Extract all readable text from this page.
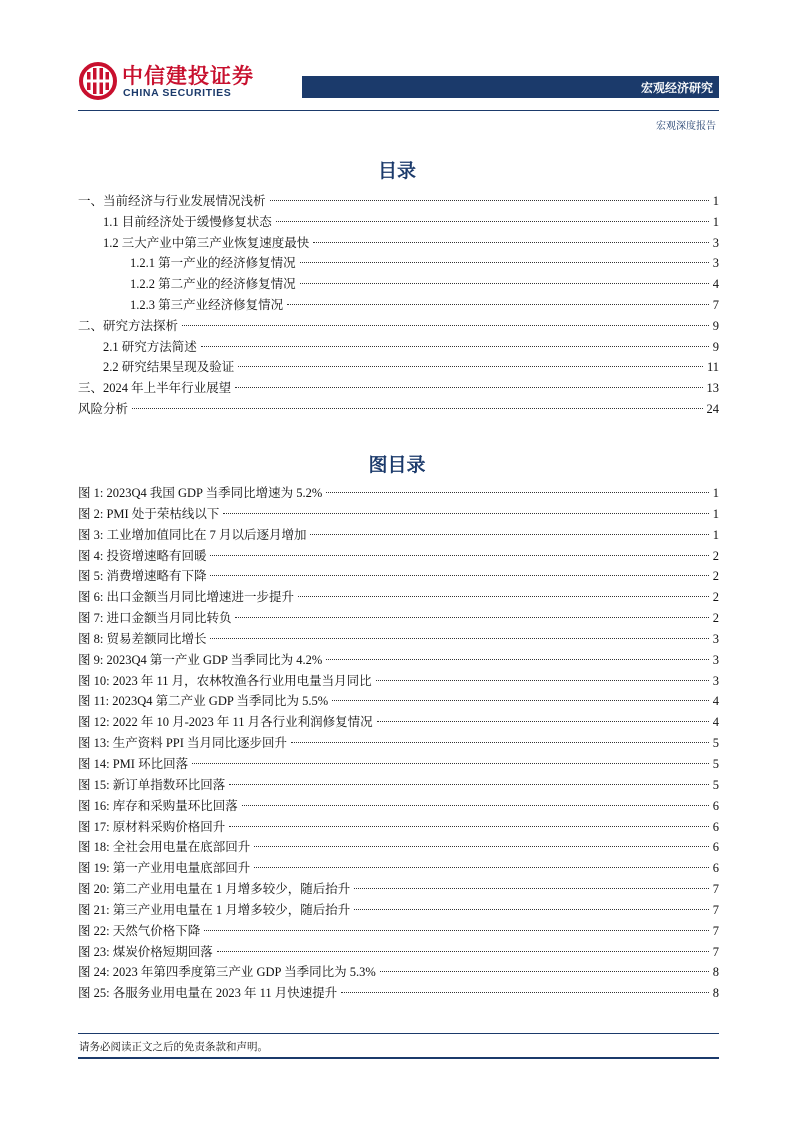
中信建投证券
CHINA SECURITIES	宏观经济研究
宏观深度报告
目录
一、当前经济与行业发展情况浅析	1
1.1 目前经济处于缓慢修复状态	1
1.2 三大产业中第三产业恢复速度最快	3
1.2.1 第一产业的经济修复情况	3
1.2.2 第二产业的经济修复情况	4
1.2.3 第三产业经济修复情况	7
二、研究方法探析	9
2.1 研究方法简述	9
2.2 研究结果呈现及验证	11
三、2024 年上半年行业展望	13
风险分析	24
图目录
图 1: 2023Q4 我国 GDP 当季同比增速为 5.2%	1
图 2: PMI 处于荣枯线以下	1
图 3: 工业增加值同比在 7 月以后逐月增加	1
图 4: 投资增速略有回暖	2
图 5: 消费增速略有下降	2
图 6: 出口金额当月同比增速进一步提升	2
图 7: 进口金额当月同比转负	2
图 8: 贸易差额同比增长	3
图 9: 2023Q4 第一产业 GDP 当季同比为 4.2%	3
图 10: 2023 年 11 月，农林牧渔各行业用电量当月同比	3
图 11: 2023Q4 第二产业 GDP 当季同比为 5.5%	4
图 12: 2022 年 10 月-2023 年 11 月各行业利润修复情况	4
图 13: 生产资料 PPI 当月同比逐步回升	5
图 14: PMI 环比回落	5
图 15: 新订单指数环比回落	5
图 16: 库存和采购量环比回落	6
图 17: 原材料采购价格回升	6
图 18: 全社会用电量在底部回升	6
图 19: 第一产业用电量底部回升	6
图 20: 第二产业用电量在 1 月增多较少，随后抬升	7
图 21: 第三产业用电量在 1 月增多较少，随后抬升	7
图 22: 天然气价格下降	7
图 23: 煤炭价格短期回落	7
图 24: 2023 年第四季度第三产业 GDP 当季同比为 5.3%	8
图 25: 各服务业用电量在 2023 年 11 月快速提升	8
请务必阅读正文之后的免责条款和声明。
